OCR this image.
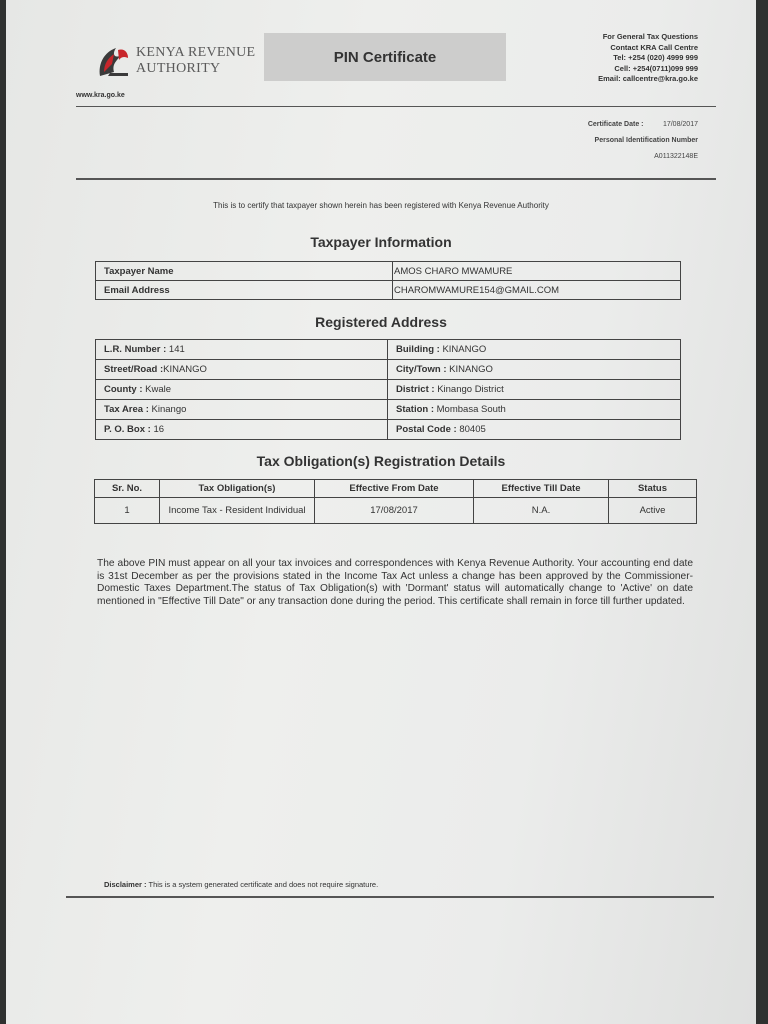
KENYA REVENUE
AUTHORITY
PIN Certificate
For General Tax Questions
Contact KRA Call Centre
Tel: +254 (020) 4999 999
Cell: +254(0711)099 999
Email: callcentre@kra.go.ke
www.kra.go.ke
Certificate Date :	17/08/2017
Personal Identification Number
A011322148E
This is to certify that taxpayer shown herein has been registered with Kenya Revenue Authority
Taxpayer Information
Taxpayer Name	AMOS CHARO MWAMURE
Email Address	CHAROMWAMURE154@GMAIL.COM
Registered Address
L.R. Number : 141	Building : KINANGO
Street/Road :KINANGO	City/Town : KINANGO
County : Kwale	District : Kinango District
Tax Area : Kinango	Station : Mombasa South
P. O. Box : 16	Postal Code : 80405
Tax Obligation(s) Registration Details
Sr. No.	Tax Obligation(s)	Effective From Date	Effective Till Date	Status
1	Income Tax - Resident Individual	17/08/2017	N.A.	Active
The above PIN must appear on all your tax invoices and correspondences with Kenya Revenue Authority. Your accounting end date is 31st December as per the provisions stated in the Income Tax Act unless a change has been approved by the Commissioner-Domestic Taxes Department.The status of Tax Obligation(s) with 'Dormant' status will automatically change to 'Active' on date mentioned in "Effective Till Date" or any transaction done during the period. This certificate shall remain in force till further updated.
Disclaimer : This is a system generated certificate and does not require signature.
